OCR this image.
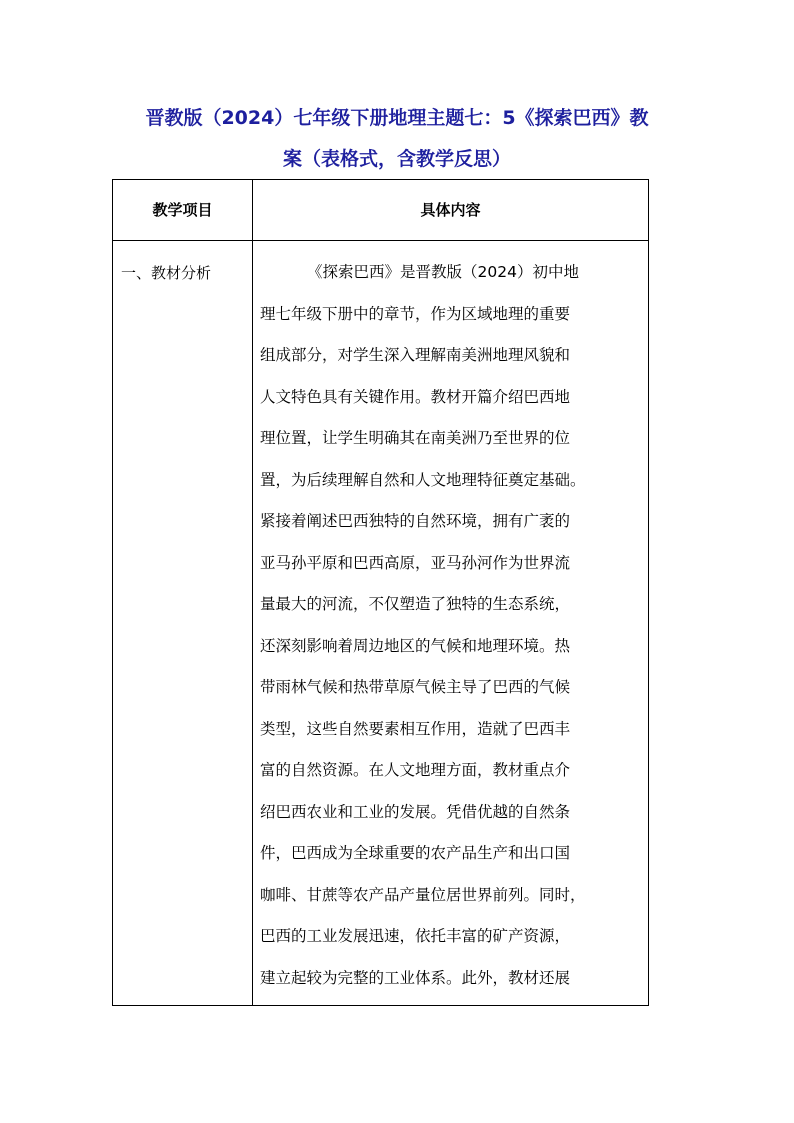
晋教版（2024）七年级下册地理主题七：5《探索巴西》教
案（表格式，含教学反思）
教学项目	具体内容
一、教材分析	《探索巴西》是晋教版（2024）初中地
理七年级下册中的章节，作为区域地理的重要
组成部分，对学生深入理解南美洲地理风貌和
人文特色具有关键作用。教材开篇介绍巴西地
理位置，让学生明确其在南美洲乃至世界的位
置，为后续理解自然和人文地理特征奠定基础。
紧接着阐述巴西独特的自然环境，拥有广袤的
亚马孙平原和巴西高原，亚马孙河作为世界流
量最大的河流，不仅塑造了独特的生态系统，
还深刻影响着周边地区的气候和地理环境。热
带雨林气候和热带草原气候主导了巴西的气候
类型，这些自然要素相互作用，造就了巴西丰
富的自然资源。在人文地理方面，教材重点介
绍巴西农业和工业的发展。凭借优越的自然条
件，巴西成为全球重要的农产品生产和出口国
咖啡、甘蔗等农产品产量位居世界前列。同时，
巴西的工业发展迅速，依托丰富的矿产资源，
建立起较为完整的工业体系。此外，教材还展
